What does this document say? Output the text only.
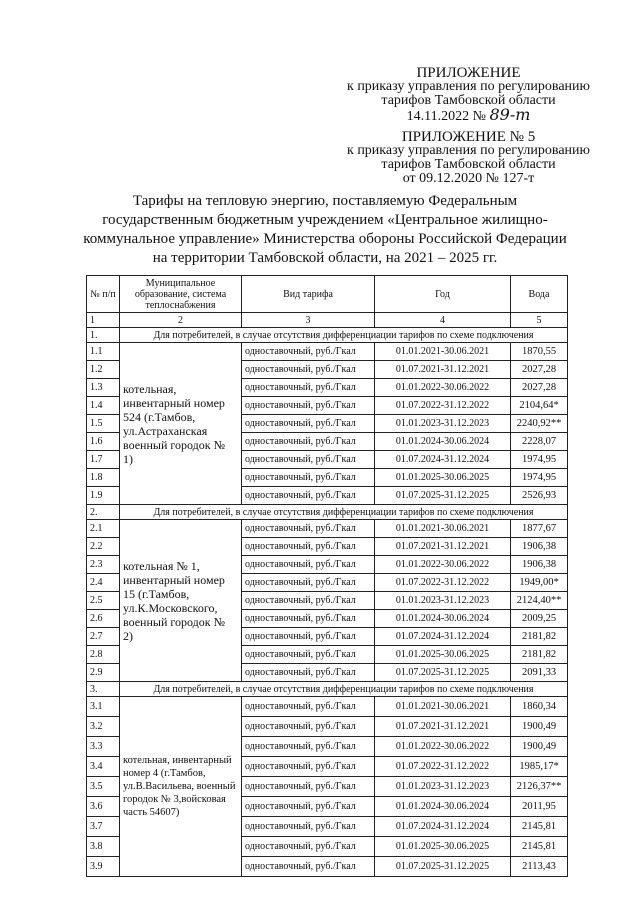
ПРИЛОЖЕНИЕ
к приказу управления по регулированию
тарифов Тамбовской области
14.11.2022 № 89-т
ПРИЛОЖЕНИЕ № 5
к приказу управления по регулированию
тарифов Тамбовской области
от 09.12.2020 № 127-т
Тарифы на тепловую энергию, поставляемую Федеральным
государственным бюджетным учреждением «Центральное жилищно-
коммунальное управление» Министерства обороны Российской Федерации
на территории Тамбовской области, на 2021 – 2025 гг.
№ п/п	Муниципальное образование, система теплоснабжения	Вид тарифа	Год	Вода
1	2	3	4	5
1.	Для потребителей, в случае отсутствия дифференциации тарифов по схеме подключения			
1.1	котельная, инвентарный номер 524 (г.Тамбов, ул.Астраханская военный городок № 1)	одноставочный, руб./Гкал	01.01.2021-30.06.2021	1870,55
1.2		одноставочный, руб./Гкал	01.07.2021-31.12.2021	2027,28
1.3		одноставочный, руб./Гкал	01.01.2022-30.06.2022	2027,28
1.4		одноставочный, руб./Гкал	01.07.2022-31.12.2022	2104,64*
1.5		одноставочный, руб./Гкал	01.01.2023-31.12.2023	2240,92**
1.6		одноставочный, руб./Гкал	01.01.2024-30.06.2024	2228,07
1.7		одноставочный, руб./Гкал	01.07.2024-31.12.2024	1974,95
1.8		одноставочный, руб./Гкал	01.01.2025-30.06.2025	1974,95
1.9		одноставочный, руб./Гкал	01.07.2025-31.12.2025	2526,93
2.	Для потребителей, в случае отсутствия дифференциации тарифов по схеме подключения			
2.1	котельная № 1, инвентарный номер 15 (г.Тамбов, ул.К.Московского, военный городок № 2)	одноставочный, руб./Гкал	01.01.2021-30.06.2021	1877,67
2.2		одноставочный, руб./Гкал	01.07.2021-31.12.2021	1906,38
2.3		одноставочный, руб./Гкал	01.01.2022-30.06.2022	1906,38
2.4		одноставочный, руб./Гкал	01.07.2022-31.12.2022	1949,00*
2.5		одноставочный, руб./Гкал	01.01.2023-31.12.2023	2124,40**
2.6		одноставочный, руб./Гкал	01.01.2024-30.06.2024	2009,25
2.7		одноставочный, руб./Гкал	01.07.2024-31.12.2024	2181,82
2.8		одноставочный, руб./Гкал	01.01.2025-30.06.2025	2181,82
2.9		одноставочный, руб./Гкал	01.07.2025-31.12.2025	2091,33
3.	Для потребителей, в случае отсутствия дифференциации тарифов по схеме подключения			
3.1	котельная, инвентарный номер 4 (г.Тамбов, ул.В.Васильева, военный городок № 3,войсковая часть 54607)	одноставочный, руб./Гкал	01.01.2021-30.06.2021	1860,34
3.2		одноставочный, руб./Гкал	01.07.2021-31.12.2021	1900,49
3.3		одноставочный, руб./Гкал	01.01.2022-30.06.2022	1900,49
3.4		одноставочный, руб./Гкал	01.07.2022-31.12.2022	1985,17*
3.5		одноставочный, руб./Гкал	01.01.2023-31.12.2023	2126,37**
3.6		одноставочный, руб./Гкал	01.01.2024-30.06.2024	2011,95
3.7		одноставочный, руб./Гкал	01.07.2024-31.12.2024	2145,81
3.8		одноставочный, руб./Гкал	01.01.2025-30.06.2025	2145,81
3.9		одноставочный, руб./Гкал	01.07.2025-31.12.2025	2113,43
